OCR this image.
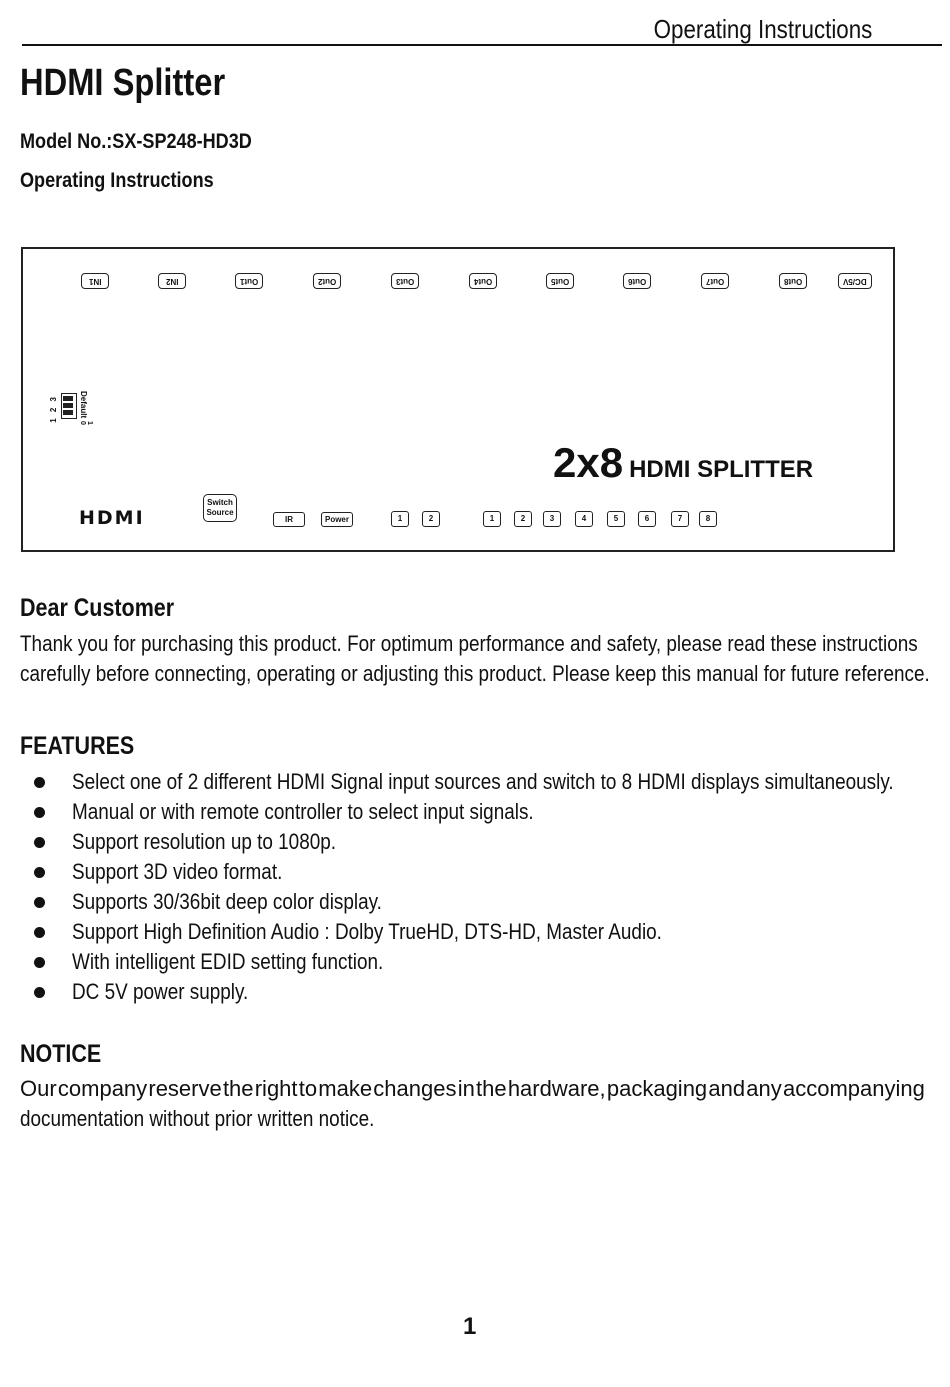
Operating Instructions
HDMI Splitter
Model No.:SX-SP248-HD3D
Operating Instructions
IN1	IN2	Out1	Out2	Out3	Out4	Out5	Out6	Out7	Out8	DC/5V
1 2 3	Default
1 0
2x8 HDMI SPLITTER
HDMI
Switch
Source
IR	Power	1	2	1	2	3	4	5	6	7	8
Dear Customer
Thank you for purchasing this product. For optimum performance and safety, please read these instructions
carefully before connecting, operating or adjusting this product. Please keep this manual for future reference.
FEATURES
Select one of 2 different HDMI Signal input sources and switch to 8 HDMI displays simultaneously.
Manual or with remote controller to select input signals.
Support resolution up to 1080p.
Support 3D video format.
Supports 30/36bit deep color display.
Support High Definition Audio : Dolby TrueHD, DTS-HD, Master Audio.
With intelligent EDID setting function.
DC 5V power supply.
NOTICE
Our company reserve the right to make changes in the hardware, packaging and any accompanying
documentation without prior written notice.
1
